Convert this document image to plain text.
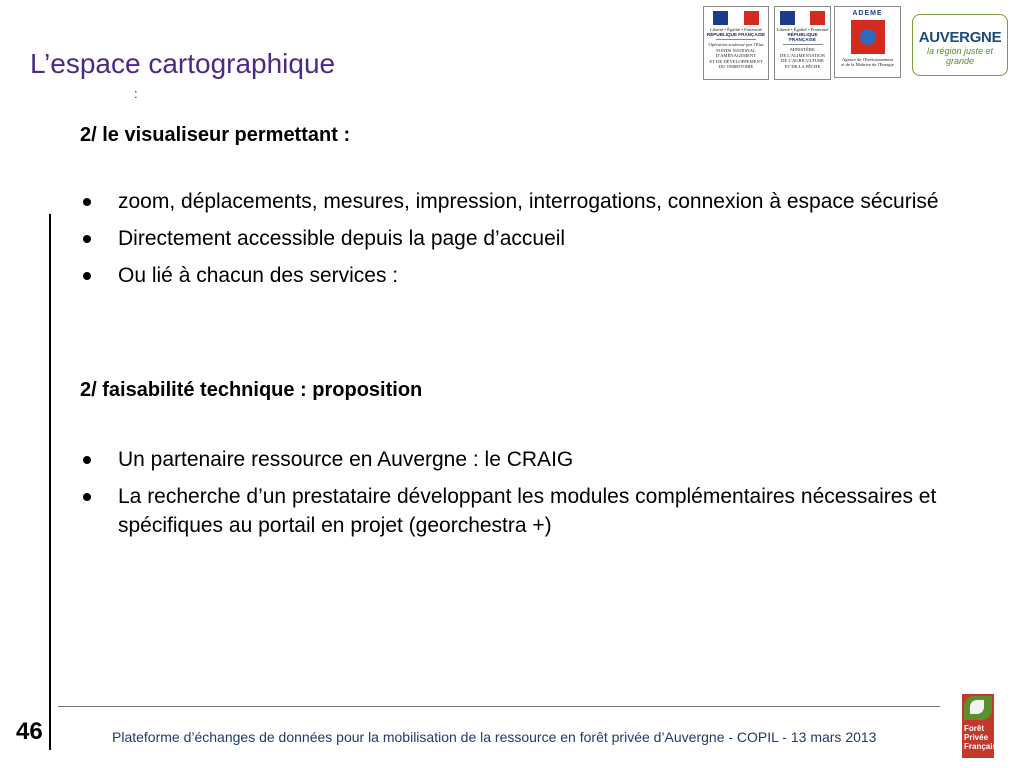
L’espace cartographique
:
Liberté • Égalité • Fraternité
RÉPUBLIQUE FRANÇAISE
Opération soutenue par l'État
FONDS NATIONAL
D'AMÉNAGEMENT
ET DE DÉVELOPPEMENT
DU TERRITOIRE
Liberté • Égalité • Fraternité
RÉPUBLIQUE FRANÇAISE
MINISTÈRE
DE L'ALIMENTATION
DE L'AGRICULTURE
ET DE LA PÊCHE
ADEME
Agence de l'Environnement
et de la Maîtrise de l'Energie
AUVERGNE
la région juste et grande
2/ le visualiseur permettant :
zoom, déplacements, mesures, impression, interrogations, connexion à espace sécurisé
Directement accessible depuis la page d’accueil
Ou lié à chacun des services :
2/ faisabilité technique : proposition
Un partenaire ressource en Auvergne : le CRAIG
La recherche d’un prestataire développant les modules complémentaires nécessaires et spécifiques au portail en projet (georchestra +)
46	Plateforme d’échanges de données pour la mobilisation de la ressource en forêt privée d’Auvergne - COPIL - 13 mars 2013
Forêt
Privée
Française
